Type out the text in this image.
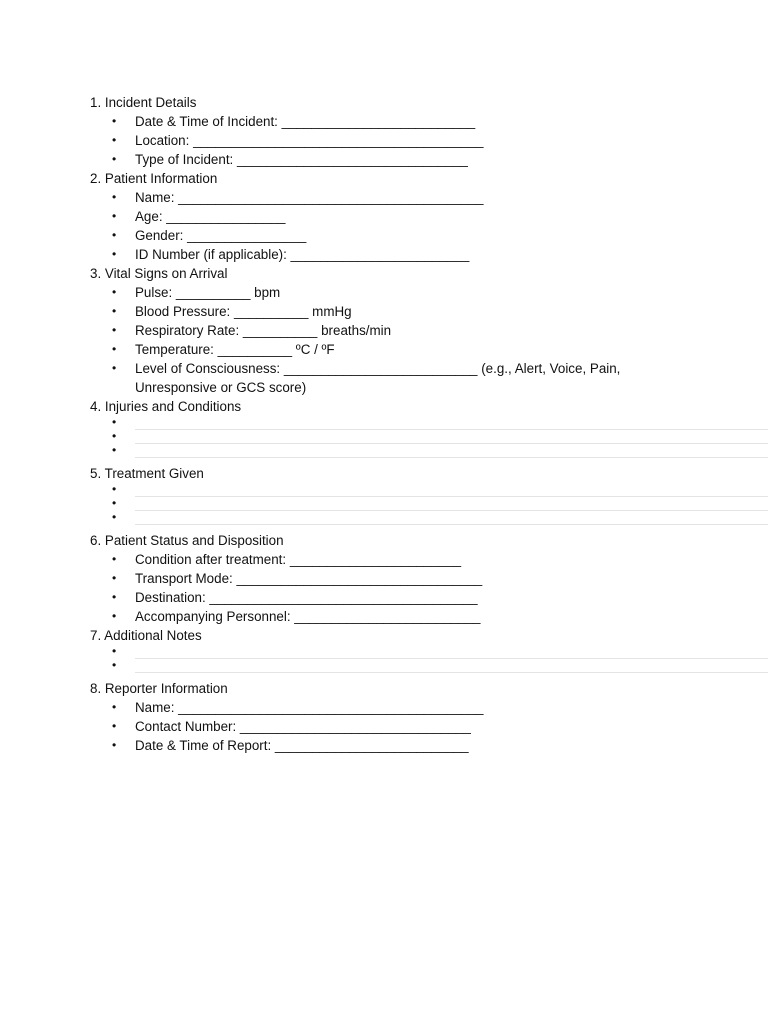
1. Incident Details
• Date & Time of Incident: __________________________
• Location: _______________________________________
• Type of Incident: _______________________________
2. Patient Information
• Name: _________________________________________
• Age: ________________
• Gender: ________________
• ID Number (if applicable): ________________________
3. Vital Signs on Arrival
• Pulse: __________ bpm
• Blood Pressure: __________ mmHg
• Respiratory Rate: __________ breaths/min
• Temperature: __________ ºC / ºF
• Level of Consciousness: __________________________ (e.g., Alert, Voice, Pain, Unresponsive or GCS score)
4. Injuries and Conditions
•
•
•
5. Treatment Given
•
•
•
6. Patient Status and Disposition
• Condition after treatment: _______________________
• Transport Mode: _________________________________
• Destination: ____________________________________
• Accompanying Personnel: _________________________
7. Additional Notes
•
•
8. Reporter Information
• Name: _________________________________________
• Contact Number: _______________________________
• Date & Time of Report: __________________________
